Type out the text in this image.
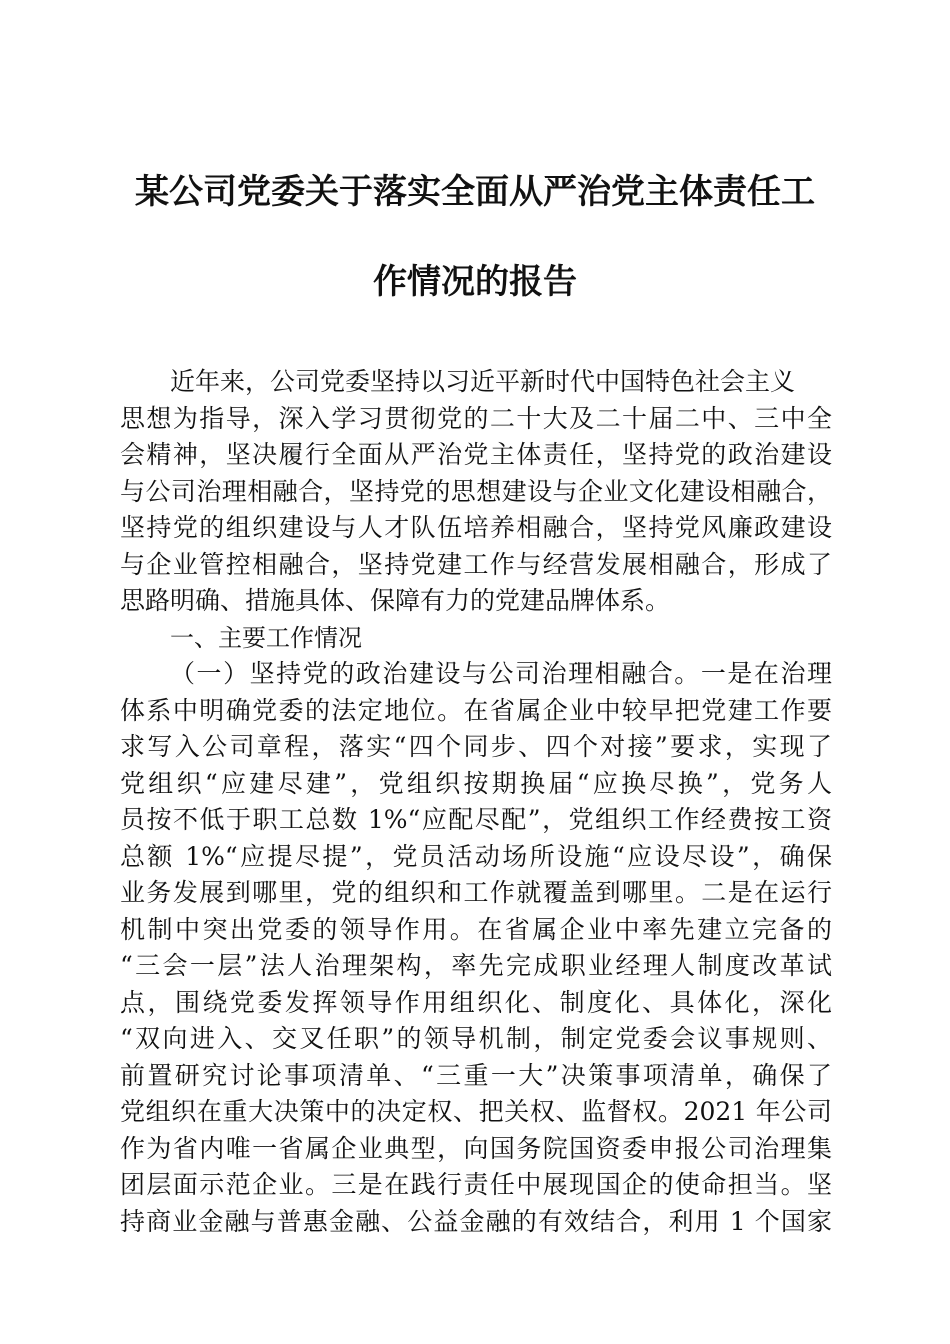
某公司党委关于落实全面从严治党主体责任工
作情况的报告
近年来，公司党委坚持以习近平新时代中国特色社会主义
思想为指导，深入学习贯彻党的二十大及二十届二中、三中全
会精神，坚决履行全面从严治党主体责任，坚持党的政治建设
与公司治理相融合，坚持党的思想建设与企业文化建设相融合，
坚持党的组织建设与人才队伍培养相融合，坚持党风廉政建设
与企业管控相融合，坚持党建工作与经营发展相融合，形成了
思路明确、措施具体、保障有力的党建品牌体系。
一、主要工作情况
（一）坚持党的政治建设与公司治理相融合。一是在治理
体系中明确党委的法定地位。在省属企业中较早把党建工作要
求写入公司章程，落实“四个同步、四个对接”要求，实现了
党组织“应建尽建”，党组织按期换届“应换尽换”，党务人
员按不低于职工总数 1%“应配尽配”，党组织工作经费按工资
总额 1%“应提尽提”，党员活动场所设施“应设尽设”，确保
业务发展到哪里，党的组织和工作就覆盖到哪里。二是在运行
机制中突出党委的领导作用。在省属企业中率先建立完备的
“三会一层”法人治理架构，率先完成职业经理人制度改革试
点，围绕党委发挥领导作用组织化、制度化、具体化，深化
“双向进入、交叉任职”的领导机制，制定党委会议事规则、
前置研究讨论事项清单、“三重一大”决策事项清单，确保了
党组织在重大决策中的决定权、把关权、监督权。2021 年公司
作为省内唯一省属企业典型，向国务院国资委申报公司治理集
团层面示范企业。三是在践行责任中展现国企的使命担当。坚
持商业金融与普惠金融、公益金融的有效结合，利用 1 个国家
